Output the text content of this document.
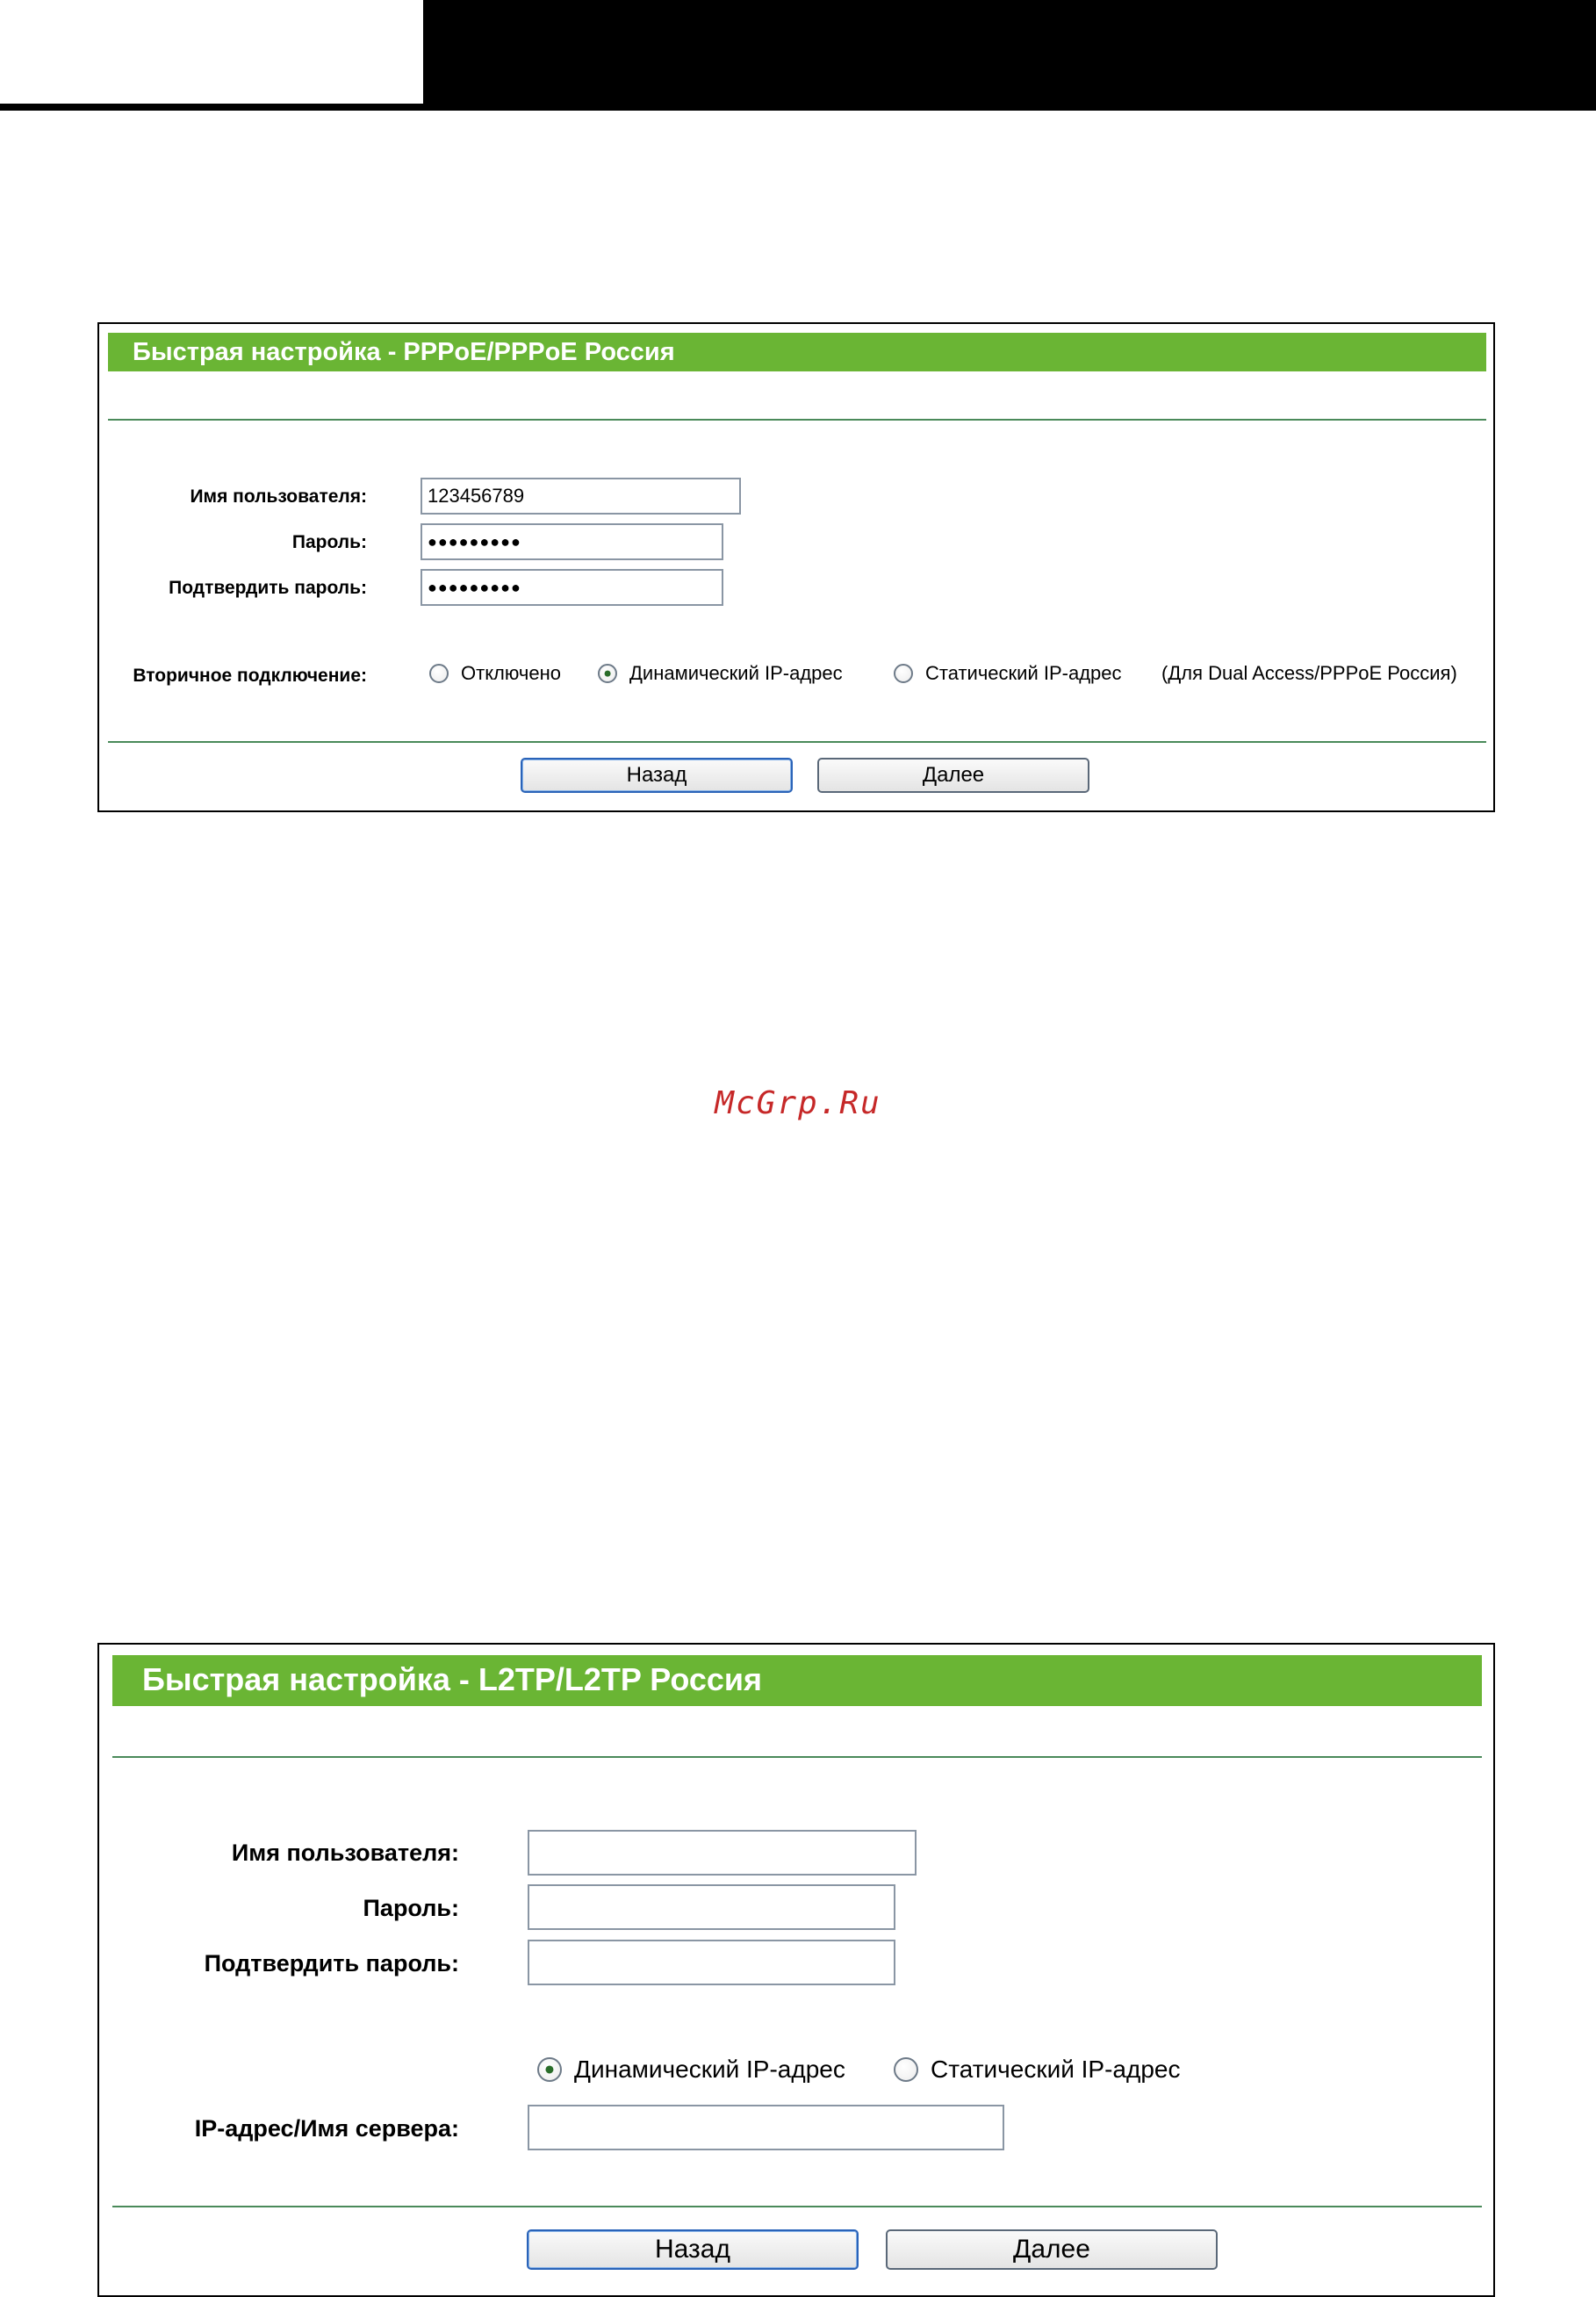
Быстрая настройка - PPPoE/PPPoE Россия
Имя пользователя:
123456789
Пароль:	●●●●●●●●●
Подтвердить пароль:	●●●●●●●●●
Вторичное подключение:	Отключено	Динамический IP-адрес	Статический IP-адрес (Для Dual Access/PPPoE Россия)
Назад	Далее
McGrp.Ru
Быстрая настройка - L2TP/L2TP Россия
Имя пользователя:
Пароль:
Подтвердить пароль:
Динамический IP-адрес	Статический IP-адрес
IP-адрес/Имя сервера:
Назад	Далее
